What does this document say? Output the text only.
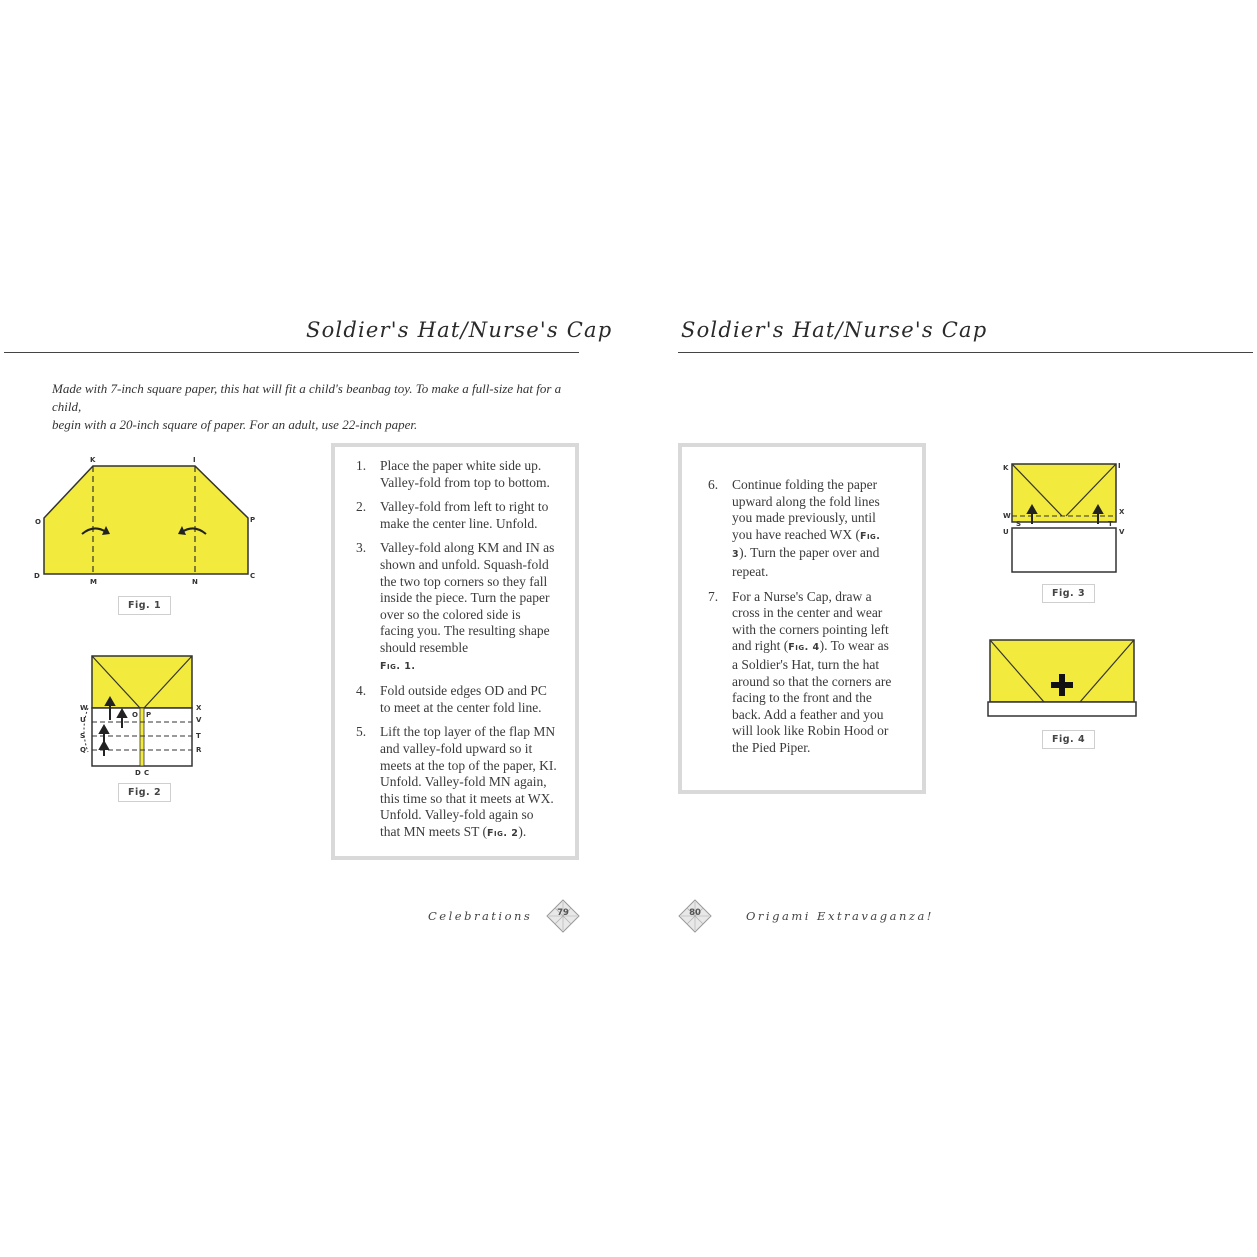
Soldier's Hat/Nurse's Cap
Made with 7-inch square paper, this hat will fit a child's beanbag toy. To make a full-size hat for a child,
begin with a 20-inch square of paper. For an adult, use 22-inch paper.
K	I
O	P
D
M	N
C
Fig. 1
W
U
S
Q
X
V
T
R
O P
D C
Fig. 2
1. Place the paper white side up. Valley-fold from top to bottom.
2. Valley-fold from left to right to make the center line. Unfold.
3. Valley-fold along KM and IN as shown and unfold. Squash-fold the two top corners so they fall inside the piece. Turn the paper over so the colored side is facing you. The resulting shape should resemble
Fig. 1.
4. Fold outside edges OD and PC to meet at the center fold line.
5. Lift the top layer of the flap MN and valley-fold upward so it meets at the top of the paper, KI. Unfold. Valley-fold MN again, this time so that it meets at WX. Unfold. Valley-fold again so that MN meets ST (Fig. 2).
Celebrations	79
Soldier's Hat/Nurse's Cap
6. Continue folding the paper upward along the fold lines you made previously, until you have reached WX (Fig. 3). Turn the paper over and repeat.
7. For a Nurse's Cap, draw a cross in the center and wear with the corners pointing left and right (Fig. 4). To wear as a Soldier's Hat, turn the hat around so that the corners are facing to the front and the back. Add a feather and you will look like Robin Hood or the Pied Piper.
K	I
W	X
U	V
S	T
Fig. 3
Fig. 4
80	Origami Extravaganza!
